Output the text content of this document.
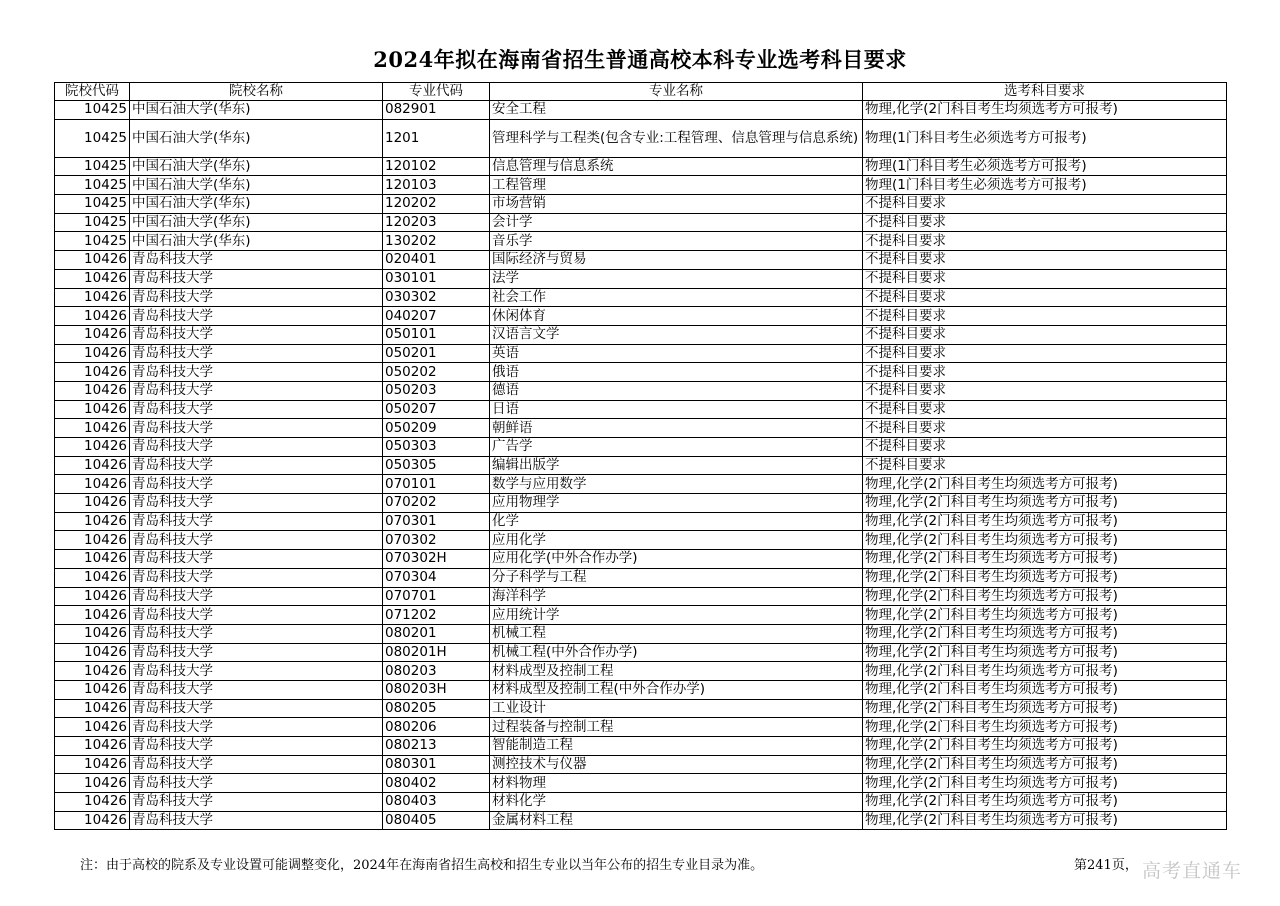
2024年拟在海南省招生普通高校本科专业选考科目要求
院校代码	院校名称	专业代码	专业名称	选考科目要求
10425	中国石油大学(华东)	082901	安全工程	物理,化学(2门科目考生均须选考方可报考)
10425	中国石油大学(华东)	1201	管理科学与工程类(包含专业:工程管理、信息管理与信息系统)	物理(1门科目考生必须选考方可报考)
10425	中国石油大学(华东)	120102	信息管理与信息系统	物理(1门科目考生必须选考方可报考)
10425	中国石油大学(华东)	120103	工程管理	物理(1门科目考生必须选考方可报考)
10425	中国石油大学(华东)	120202	市场营销	不提科目要求
10425	中国石油大学(华东)	120203	会计学	不提科目要求
10425	中国石油大学(华东)	130202	音乐学	不提科目要求
10426	青岛科技大学	020401	国际经济与贸易	不提科目要求
10426	青岛科技大学	030101	法学	不提科目要求
10426	青岛科技大学	030302	社会工作	不提科目要求
10426	青岛科技大学	040207	休闲体育	不提科目要求
10426	青岛科技大学	050101	汉语言文学	不提科目要求
10426	青岛科技大学	050201	英语	不提科目要求
10426	青岛科技大学	050202	俄语	不提科目要求
10426	青岛科技大学	050203	德语	不提科目要求
10426	青岛科技大学	050207	日语	不提科目要求
10426	青岛科技大学	050209	朝鲜语	不提科目要求
10426	青岛科技大学	050303	广告学	不提科目要求
10426	青岛科技大学	050305	编辑出版学	不提科目要求
10426	青岛科技大学	070101	数学与应用数学	物理,化学(2门科目考生均须选考方可报考)
10426	青岛科技大学	070202	应用物理学	物理,化学(2门科目考生均须选考方可报考)
10426	青岛科技大学	070301	化学	物理,化学(2门科目考生均须选考方可报考)
10426	青岛科技大学	070302	应用化学	物理,化学(2门科目考生均须选考方可报考)
10426	青岛科技大学	070302H	应用化学(中外合作办学)	物理,化学(2门科目考生均须选考方可报考)
10426	青岛科技大学	070304	分子科学与工程	物理,化学(2门科目考生均须选考方可报考)
10426	青岛科技大学	070701	海洋科学	物理,化学(2门科目考生均须选考方可报考)
10426	青岛科技大学	071202	应用统计学	物理,化学(2门科目考生均须选考方可报考)
10426	青岛科技大学	080201	机械工程	物理,化学(2门科目考生均须选考方可报考)
10426	青岛科技大学	080201H	机械工程(中外合作办学)	物理,化学(2门科目考生均须选考方可报考)
10426	青岛科技大学	080203	材料成型及控制工程	物理,化学(2门科目考生均须选考方可报考)
10426	青岛科技大学	080203H	材料成型及控制工程(中外合作办学)	物理,化学(2门科目考生均须选考方可报考)
10426	青岛科技大学	080205	工业设计	物理,化学(2门科目考生均须选考方可报考)
10426	青岛科技大学	080206	过程装备与控制工程	物理,化学(2门科目考生均须选考方可报考)
10426	青岛科技大学	080213	智能制造工程	物理,化学(2门科目考生均须选考方可报考)
10426	青岛科技大学	080301	测控技术与仪器	物理,化学(2门科目考生均须选考方可报考)
10426	青岛科技大学	080402	材料物理	物理,化学(2门科目考生均须选考方可报考)
10426	青岛科技大学	080403	材料化学	物理,化学(2门科目考生均须选考方可报考)
10426	青岛科技大学	080405	金属材料工程	物理,化学(2门科目考生均须选考方可报考)
注：由于高校的院系及专业设置可能调整变化，2024年在海南省招生高校和招生专业以当年公布的招生专业目录为准。	第241页， 高考直通车
